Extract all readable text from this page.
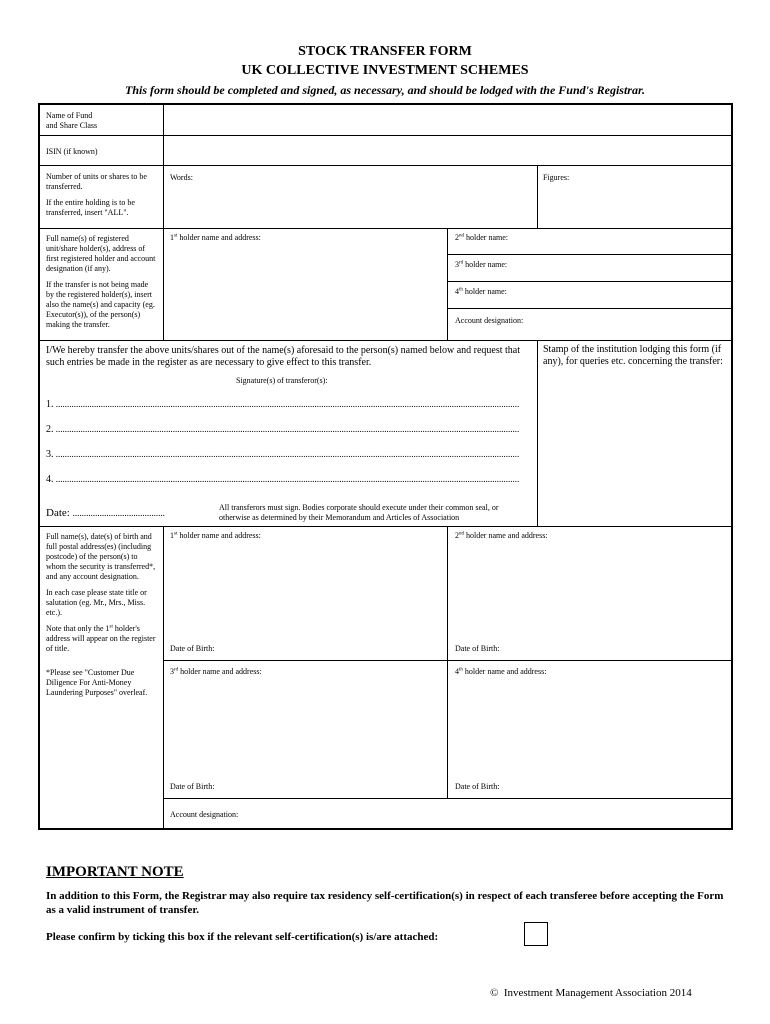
STOCK TRANSFER FORM
UK COLLECTIVE INVESTMENT SCHEMES
This form should be completed and signed, as necessary, and should be lodged with the Fund's Registrar.
Name of Fund
and Share Class
ISIN (if known)

Number of units or shares to be transferred.

If the entire holding is to be transferred, insert "ALL".

Words:	Figures:

Full name(s) of registered unit/share holder(s), address of first registered holder and account designation (if any).

If the transfer is not being made by the registered holder(s), insert also the name(s) and capacity (eg. Executor(s)), of the person(s) making the transfer.

1st holder name and address:	2nd holder name:
3rd holder name:
4th holder name:
Account designation:
I/We hereby transfer the above units/shares out of the name(s) aforesaid to the person(s) named below and request that such entries be made in the register as are necessary to give effect to this transfer.
Signature(s) of transferor(s):
1. ..............................................................................................................................................................................................................
2. ..............................................................................................................................................................................................................
3. ..............................................................................................................................................................................................................
4. ..............................................................................................................................................................................................................
Date: .........................................
All transferors must sign. Bodies corporate should execute under their common seal, or otherwise as determined by their Memorandum and Articles of Association
Stamp of the institution lodging this form (if any), for queries etc. concerning the transfer:

Full name(s), date(s) of birth and full postal address(es) (including postcode) of the person(s) to whom the security is transferred*, and any account designation.

In each case please state title or salutation (eg. Mr., Mrs., Miss. etc.).

Note that only the 1st holder's address will appear on the register of title.

*Please see "Customer Due Diligence For Anti-Money Laundering Purposes" overleaf.

1st holder name and address:
Date of Birth:
2nd holder name and address:
Date of Birth:
3rd holder name and address:
Date of Birth:
4th holder name and address:
Date of Birth:
Account designation:
IMPORTANT NOTE
In addition to this Form, the Registrar may also require tax residency self-certification(s) in respect of each transferee before accepting the Form as a valid instrument of transfer.
Please confirm by ticking this box if the relevant self-certification(s) is/are attached:
© Investment Management Association 2014
